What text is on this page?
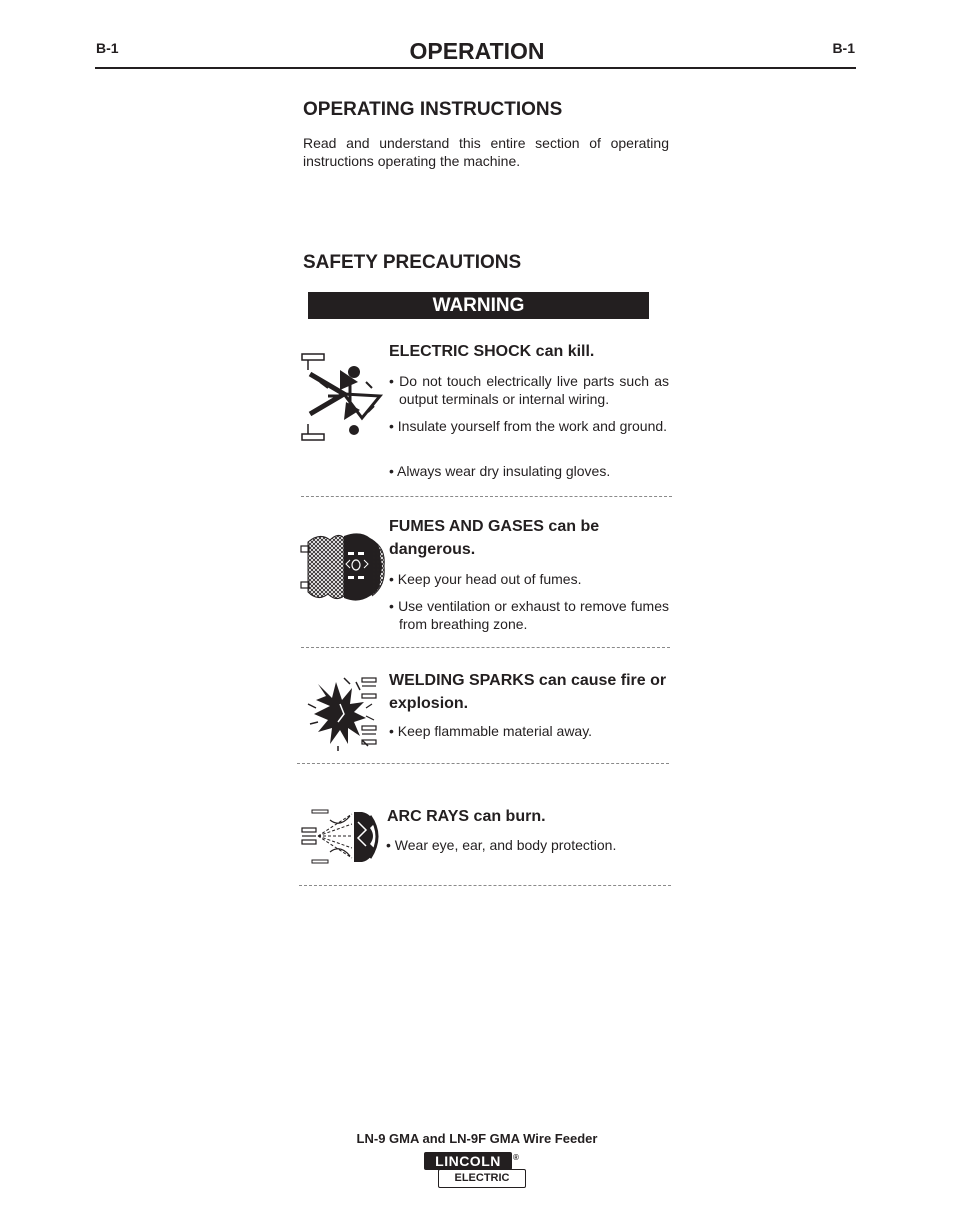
B-1	OPERATION	B-1
OPERATING INSTRUCTIONS
Read and understand this entire section of operating instructions operating the machine.
SAFETY PRECAUTIONS
WARNING
ELECTRIC SHOCK can kill.
• Do not touch electrically live parts such as output terminals or internal wiring.
• Insulate yourself from the work and ground.
• Always wear dry insulating gloves.
FUMES AND GASES can be dangerous.
• Keep your head out of fumes.
• Use ventilation or exhaust to remove fumes from breathing zone.
WELDING SPARKS can cause fire or explosion.
• Keep flammable material away.
ARC RAYS can burn.
• Wear eye, ear, and body protection.
LN-9 GMA and LN-9F GMA Wire Feeder
LINCOLN	®
ELECTRIC
